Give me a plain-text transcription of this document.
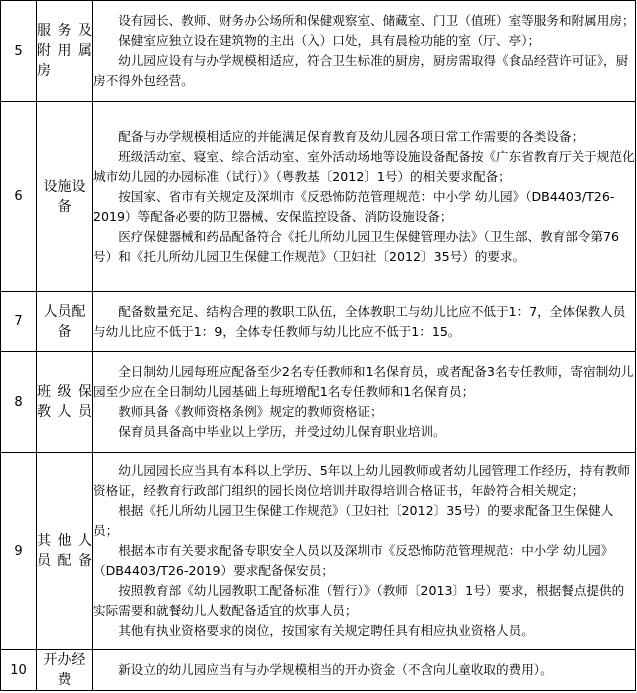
5	服务及附用属房	设有园长、教师、财务办公场所和保健观察室、储藏室、门卫（值班）室等服务和附属用房；

保健室应独立设在建筑物的主出（入）口处，具有晨检功能的室（厅、亭）；

幼儿园应设有与办学规模相适应，符合卫生标准的厨房，厨房需取得《食品经营许可证》，厨房不得外包经营。

6	设施设备	配备与办学规模相适应的并能满足保育教育及幼儿园各项日常工作需要的各类设备；

班级活动室、寝室、综合活动室、室外活动场地等设施设备配备按《广东省教育厅关于规范化城市幼儿园的办园标准（试行）》（粤教基〔2012〕1号）的相关要求配备；

按国家、省市有关规定及深圳市《反恐怖防范管理规范：中小学 幼儿园》（DB4403/T26-2019）等配备必要的防卫器械、安保监控设备、消防设施设备；

医疗保健器械和药品配备符合《托儿所幼儿园卫生保健管理办法》（卫生部、教育部令第76号）和《托儿所幼儿园卫生保健工作规范》（卫妇社〔2012〕35号）的要求。

7	人员配备	配备数量充足、结构合理的教职工队伍，全体教职工与幼儿比应不低于1：7，全体保教人员与幼儿比应不低于1：9，全体专任教师与幼儿比应不低于1：15。

8	班级保教人员	全日制幼儿园每班应配备至少2名专任教师和1名保育员，或者配备3名专任教师，寄宿制幼儿园至少应在全日制幼儿园基础上每班增配1名专任教师和1名保育员；

教师具备《教师资格条例》规定的教师资格证；

保育员具备高中毕业以上学历，并受过幼儿保育职业培训。

9	其他人员配备	幼儿园园长应当具有本科以上学历、5年以上幼儿园教师或者幼儿园管理工作经历，持有教师资格证，经教育行政部门组织的园长岗位培训并取得培训合格证书，年龄符合相关规定；

根据《托儿所幼儿园卫生保健工作规范》（卫妇社〔2012〕35号）的要求配备卫生保健人员；

根据本市有关要求配备专职安全人员以及深圳市《反恐怖防范管理规范：中小学 幼儿园》（DB4403/T26-2019）要求配备保安员；

按照教育部《幼儿园教职工配备标准（暂行）》（教师〔2013〕1号）要求，根据餐点提供的实际需要和就餐幼儿人数配备适宜的炊事人员；

其他有执业资格要求的岗位，按国家有关规定聘任具有相应执业资格人员。

10	开办经费	新设立的幼儿园应当有与办学规模相当的开办资金（不含向儿童收取的费用）。
